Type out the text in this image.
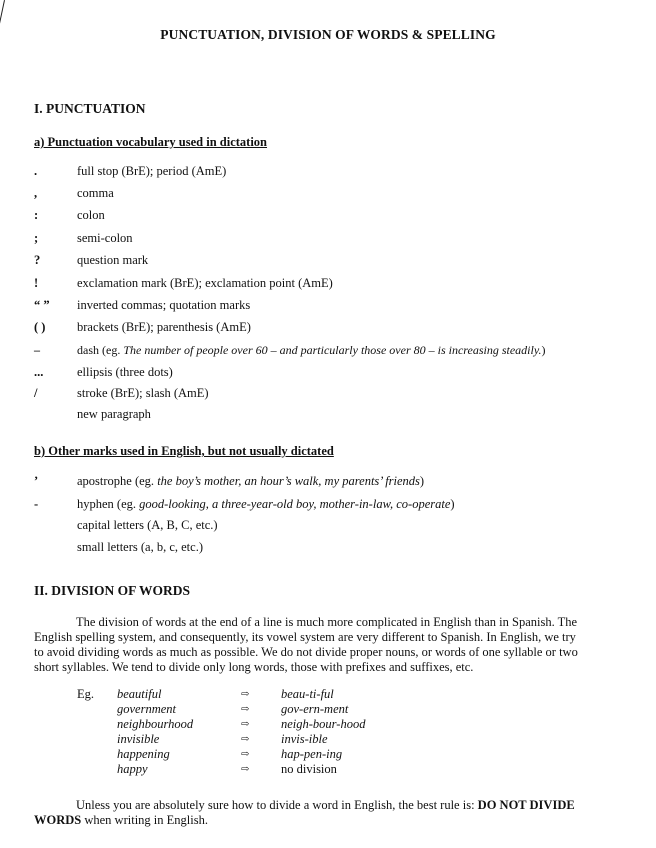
PUNCTUATION, DIVISION OF WORDS & SPELLING
I. PUNCTUATION
a) Punctuation vocabulary used in dictation
.	full stop (BrE); period (AmE)
,	comma
:	colon
;	semi-colon
?	question mark
!	exclamation mark (BrE); exclamation point (AmE)
“ ”	inverted commas; quotation marks
( )	brackets (BrE); parenthesis (AmE)
–	dash (eg. The number of people over 60 – and particularly those over 80 – is increasing steadily.)
...	ellipsis (three dots)
/	stroke (BrE); slash (AmE)
new paragraph
b) Other marks used in English, but not usually dictated
’	apostrophe (eg. the boy’s mother, an hour’s walk, my parents’ friends)
-	hyphen (eg. good-looking, a three-year-old boy, mother-in-law, co-operate)
capital letters (A, B, C, etc.)
small letters (a, b, c, etc.)
II. DIVISION OF WORDS
The division of words at the end of a line is much more complicated in English than in Spanish. The
English spelling system, and consequently, its vowel system are very different to Spanish. In English, we try
to avoid dividing words as much as possible. We do not divide proper nouns, or words of one syllable or two
short syllables. We tend to divide only long words, those with prefixes and suffixes, etc.
Eg. beautiful	⇨	beau-ti-ful
government	⇨	gov-ern-ment
neighbourhood	⇨	neigh-bour-hood
invisible	⇨	invis-ible
happening	⇨	hap-pen-ing
happy	⇨	no division
Unless you are absolutely sure how to divide a word in English, the best rule is: DO NOT DIVIDE
WORDS when writing in English.
